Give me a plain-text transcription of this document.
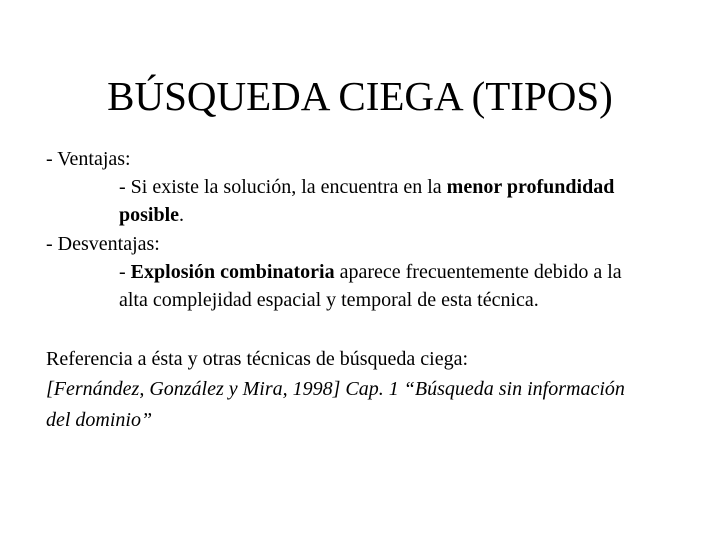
BÚSQUEDA CIEGA (TIPOS)
- Ventajas:
- Si existe la solución, la encuentra en la menor profundidad posible.
- Desventajas:
- Explosión combinatoria aparece frecuentemente debido a la alta complejidad espacial y temporal de esta técnica.
Referencia a ésta y otras técnicas de búsqueda ciega:
[Fernández, González y Mira, 1998] Cap. 1 “Búsqueda sin información del dominio”
